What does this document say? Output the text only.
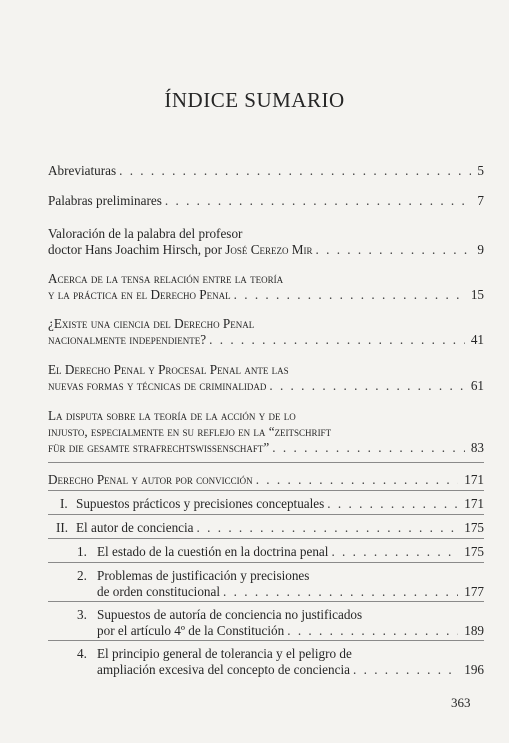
ÍNDICE SUMARIO
Abreviaturas . . .	5
Palabras preliminares . . .	7
Valoración de la palabra del profesor
doctor Hans Joachim Hirsch, por José Cerezo Mir . . .	9
Acerca de la tensa relación entre la teoría
y la práctica en el Derecho Penal . . .	15
¿Existe una ciencia del Derecho Penal
nacionalmente independiente? . . .	41
El Derecho Penal y Procesal Penal ante las
nuevas formas y técnicas de criminalidad . . .	61
La disputa sobre la teoría de la acción y de lo
injusto, especialmente en su reflejo en la “zeitschrift
für die gesamte strafrechtswissenschaft” . . .	83
Derecho Penal y autor por convicción . . .	171
I. Supuestos prácticos y precisiones conceptuales . . .	171
II. El autor de conciencia . . .	175
1. El estado de la cuestión en la doctrina penal . . .	175
2. Problemas de justificación y precisiones
de orden constitucional . . .	177
3. Supuestos de autoría de conciencia no justificados
por el artículo 4º de la Constitución . . .	189
4. El principio general de tolerancia y el peligro de
ampliación excesiva del concepto de conciencia . . .	196
363
